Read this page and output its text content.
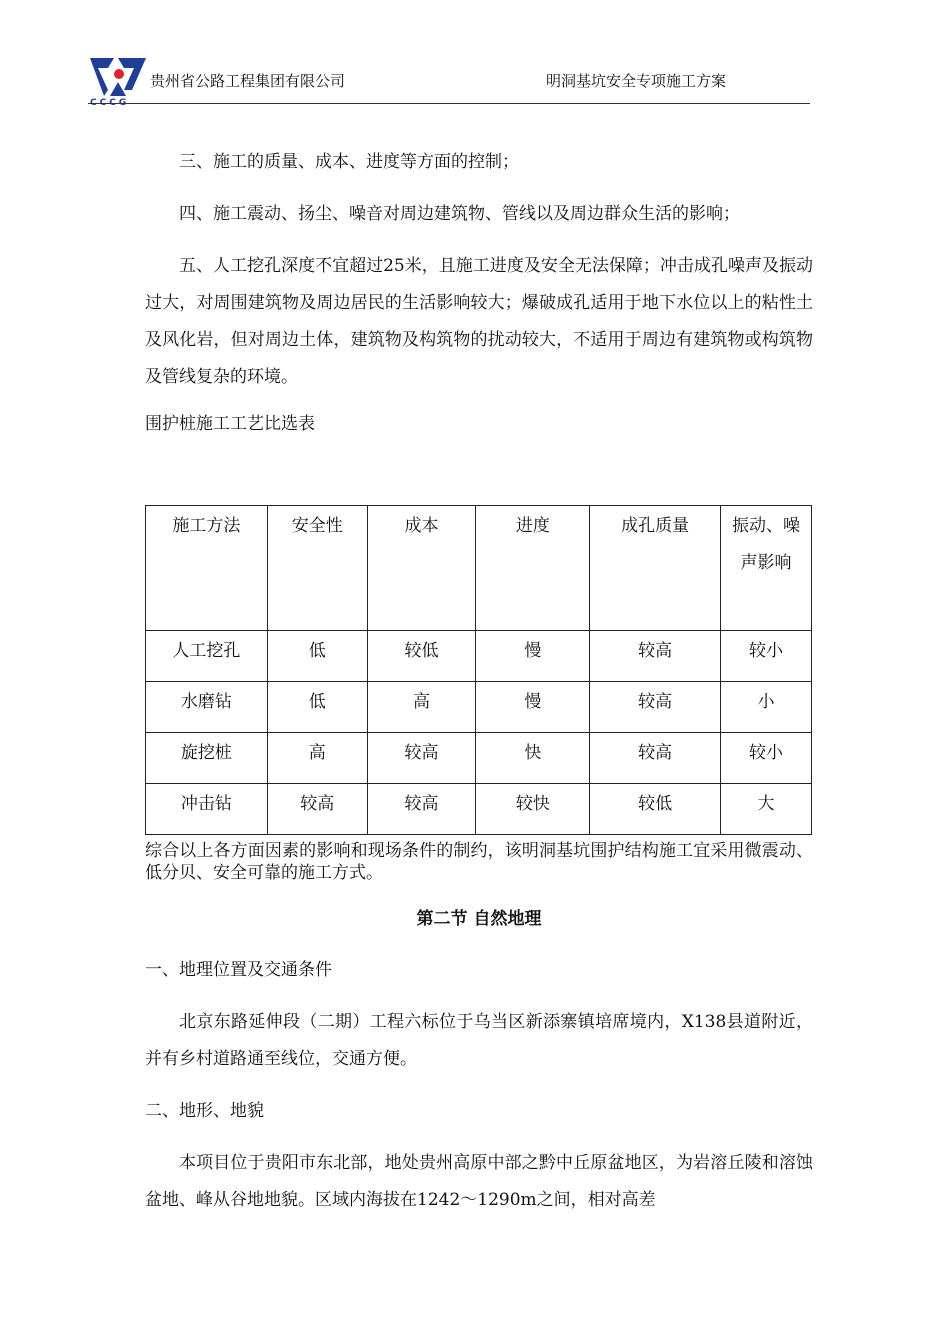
CCCG
贵州省公路工程集团有限公司	明洞基坑安全专项施工方案

三、施工的质量、成本、进度等方面的控制；

四、施工震动、扬尘、噪音对周边建筑物、管线以及周边群众生活的影响；

五、人工挖孔深度不宜超过25米，且施工进度及安全无法保障；冲击成孔噪声及振动过大，对周围建筑物及周边居民的生活影响较大；爆破成孔适用于地下水位以上的粘性土及风化岩，但对周边土体，建筑物及构筑物的扰动较大，不适用于周边有建筑物或构筑物及管线复杂的环境。

围护桩施工工艺比选表

施工方法	安全性	成本	进度	成孔质量	振动、噪声影响
人工挖孔	低	较低	慢	较高	较小
水磨钻	低	高	慢	较高	小
旋挖桩	高	较高	快	较高	较小
冲击钻	较高	较高	较快	较低	大

综合以上各方面因素的影响和现场条件的制约，该明洞基坑围护结构施工宜采用微震动、低分贝、安全可靠的施工方式。

第二节 自然地理

一、地理位置及交通条件

北京东路延伸段（二期）工程六标位于乌当区新添寨镇培席境内，X138县道附近，并有乡村道路通至线位，交通方便。

二、地形、地貌

本项目位于贵阳市东北部，地处贵州高原中部之黔中丘原盆地区，为岩溶丘陵和溶蚀盆地、峰从谷地地貌。区域内海拔在1242～1290m之间，相对高差
